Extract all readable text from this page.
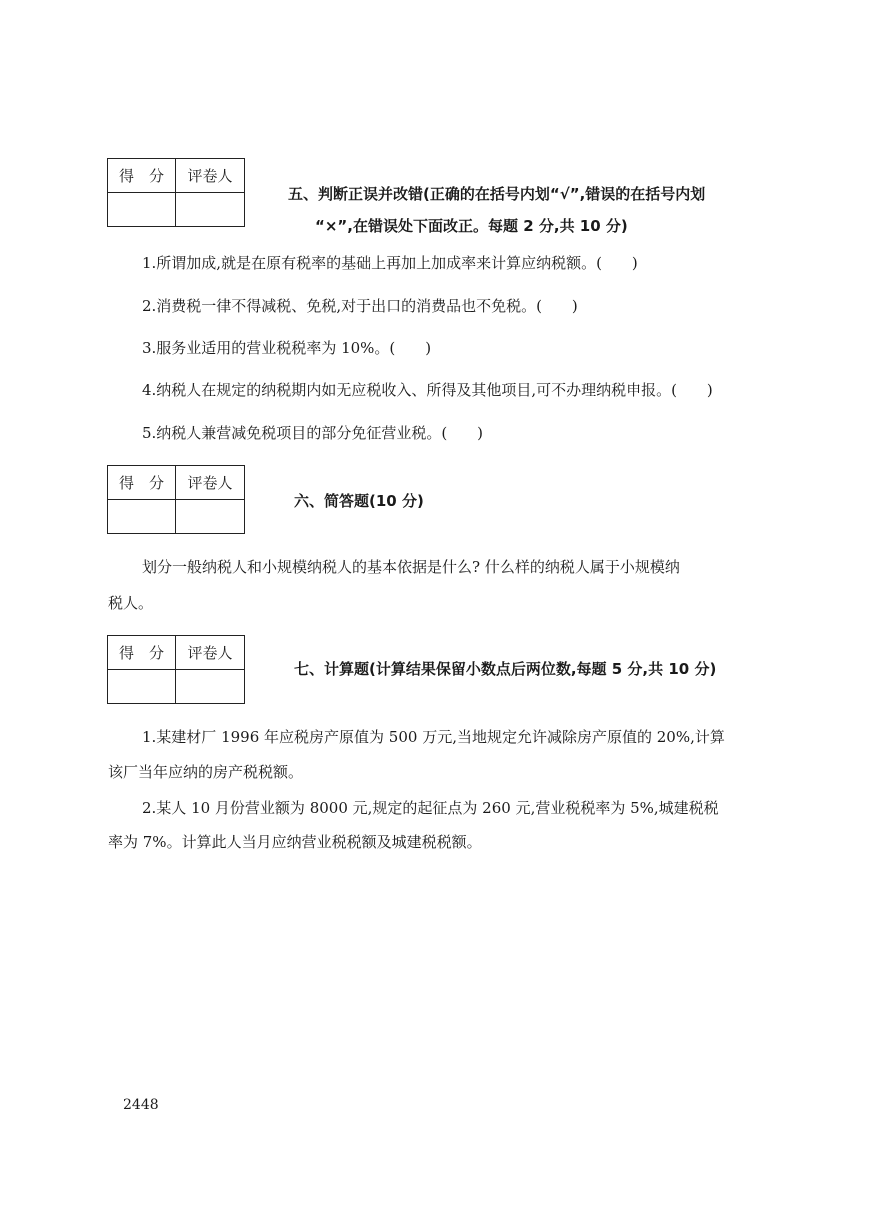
得　分	评卷人

五、判断正误并改错(正确的在括号内划“√”,错误的在括号内划
“×”,在错误处下面改正。每题 2 分,共 10 分)
1.所谓加成,就是在原有税率的基础上再加上加成率来计算应纳税额。(　　)
2.消费税一律不得减税、免税,对于出口的消费品也不免税。(　　)
3.服务业适用的营业税税率为 10%。(　　)
4.纳税人在规定的纳税期内如无应税收入、所得及其他项目,可不办理纳税申报。(　　)
5.纳税人兼营减免税项目的部分免征营业税。(　　)
得　分	评卷人

六、简答题(10 分)
划分一般纳税人和小规模纳税人的基本依据是什么? 什么样的纳税人属于小规模纳
税人。
得　分	评卷人

七、计算题(计算结果保留小数点后两位数,每题 5 分,共 10 分)
1.某建材厂 1996 年应税房产原值为 500 万元,当地规定允许减除房产原值的 20%,计算
该厂当年应纳的房产税税额。
2.某人 10 月份营业额为 8000 元,规定的起征点为 260 元,营业税税率为 5%,城建税税
率为 7%。计算此人当月应纳营业税税额及城建税税额。
2448
